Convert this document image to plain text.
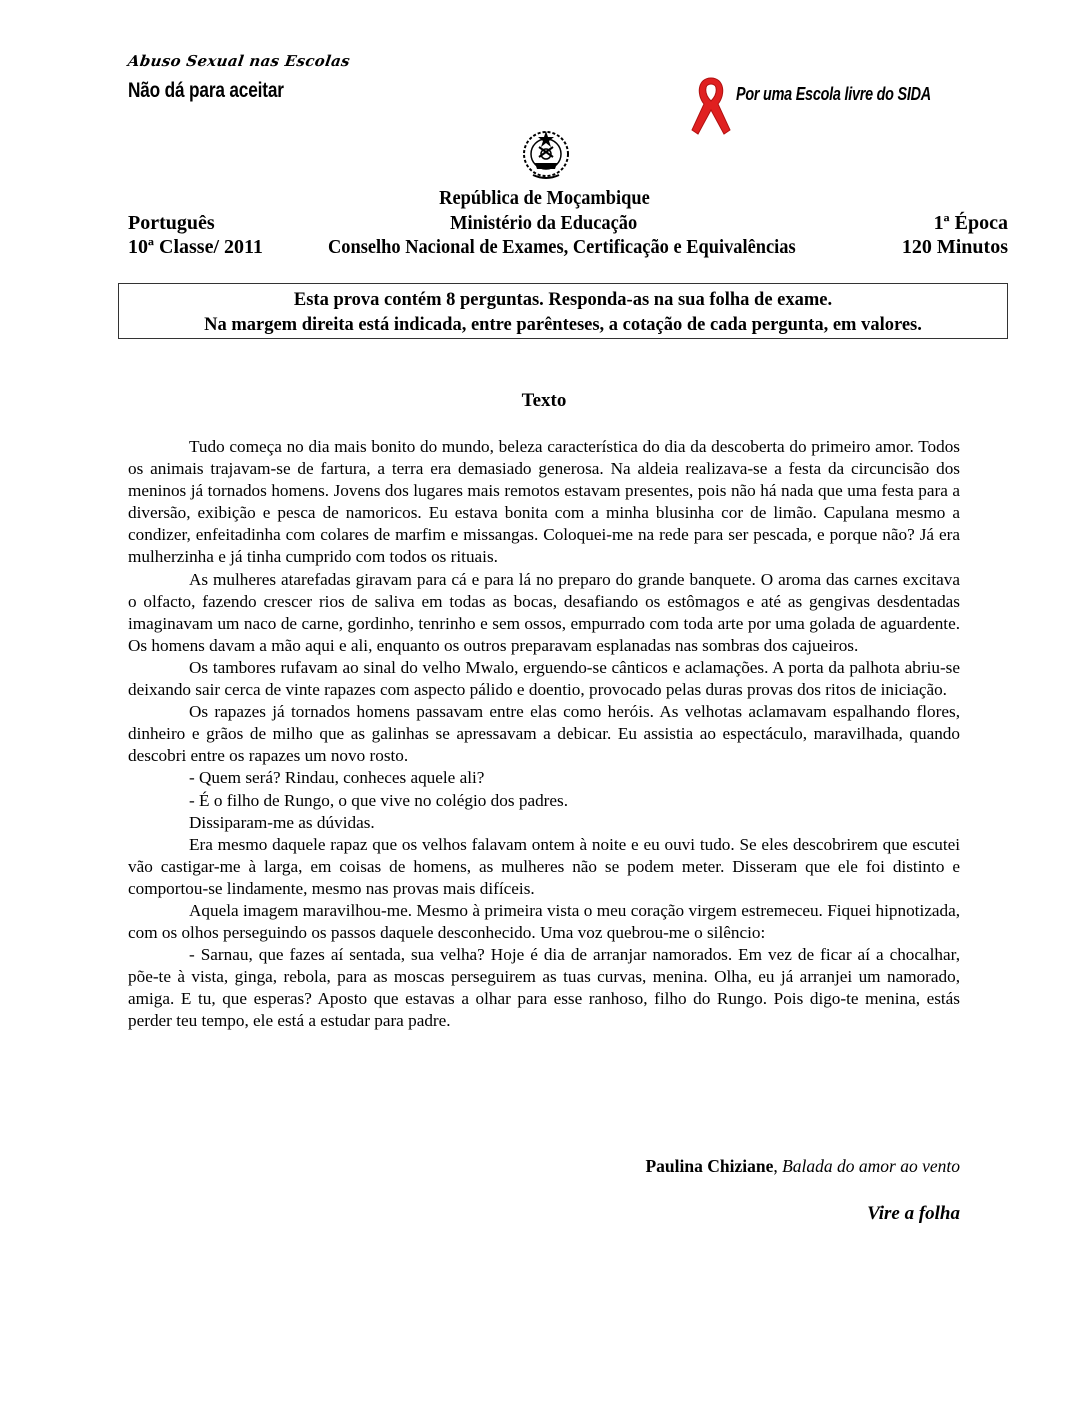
Abuso Sexual nas Escolas
Não dá para aceitar	Por uma Escola livre do SIDA
República de Moçambique
Português	Ministério da Educação	1ª Época
10ª Classe/ 2011	Conselho Nacional de Exames, Certificação e Equivalências	120 Minutos
Esta prova contém 8 perguntas. Responda-as na sua folha de exame.
Na margem direita está indicada, entre parênteses, a cotação de cada pergunta, em valores.
Texto

Tudo começa no dia mais bonito do mundo, beleza característica do dia da descoberta do primeiro amor. Todos os animais trajavam-se de fartura, a terra era demasiado generosa. Na aldeia realizava-se a festa da circuncisão dos meninos já tornados homens. Jovens dos lugares mais remotos estavam presentes, pois não há nada que uma festa para a diversão, exibição e pesca de namoricos. Eu estava bonita com a minha blusinha cor de limão. Capulana mesmo a condizer, enfeitadinha com colares de marfim e missangas. Coloquei-me na rede para ser pescada, e porque não? Já era mulherzinha e já tinha cumprido com todos os rituais.

As mulheres atarefadas giravam para cá e para lá no preparo do grande banquete. O aroma das carnes excitava o olfacto, fazendo crescer rios de saliva em todas as bocas, desafiando os estômagos e até as gengivas desdentadas imaginavam um naco de carne, gordinho, tenrinho e sem ossos, empurrado com toda arte por uma golada de aguardente. Os homens davam a mão aqui e ali, enquanto os outros preparavam esplanadas nas sombras dos cajueiros.

Os tambores rufavam ao sinal do velho Mwalo, erguendo-se cânticos e aclamações. A porta da palhota abriu-se deixando sair cerca de vinte rapazes com aspecto pálido e doentio, provocado pelas duras provas dos ritos de iniciação.

Os rapazes já tornados homens passavam entre elas como heróis. As velhotas aclamavam espalhando flores, dinheiro e grãos de milho que as galinhas se apressavam a debicar. Eu assistia ao espectáculo, maravilhada, quando descobri entre os rapazes um novo rosto.

- Quem será? Rindau, conheces aquele ali?

- É o filho de Rungo, o que vive no colégio dos padres.

Dissiparam-me as dúvidas.

Era mesmo daquele rapaz que os velhos falavam ontem à noite e eu ouvi tudo. Se eles descobrirem que escutei vão castigar-me à larga, em coisas de homens, as mulheres não se podem meter. Disseram que ele foi distinto e comportou-se lindamente, mesmo nas provas mais difíceis.

Aquela imagem maravilhou-me. Mesmo à primeira vista o meu coração virgem estremeceu. Fiquei hipnotizada, com os olhos perseguindo os passos daquele desconhecido. Uma voz quebrou-me o silêncio:

- Sarnau, que fazes aí sentada, sua velha? Hoje é dia de arranjar namorados. Em vez de ficar aí a chocalhar, põe-te à vista, ginga, rebola, para as moscas perseguirem as tuas curvas, menina. Olha, eu já arranjei um namorado, amiga. E tu, que esperas? Aposto que estavas a olhar para esse ranhoso, filho do Rungo. Pois digo-te menina, estás perder teu tempo, ele está a estudar para padre.

Paulina Chiziane, Balada do amor ao vento
Vire a folha
